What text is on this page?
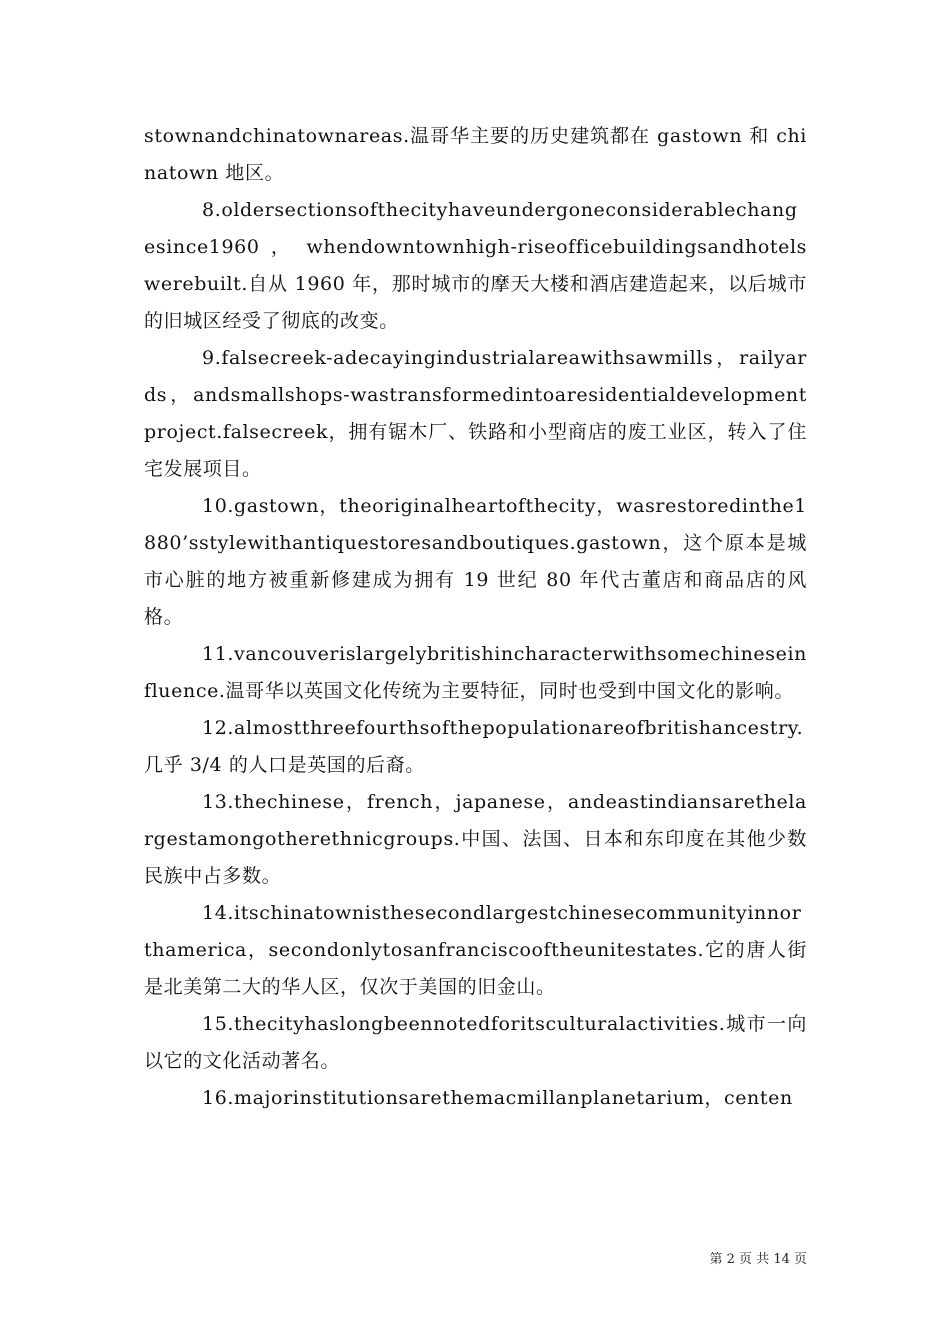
stownandchinatownareas.温哥华主要的历史建筑都在 gastown 和 chinatown 地区。

8.oldersectionsofthecityhaveundergoneconsiderablechangesince1960 ， whendowntownhigh-riseofficebuildingsandhotelswerebuilt.自从 1960 年，那时城市的摩天大楼和酒店建造起来，以后城市的旧城区经受了彻底的改变。

9.falsecreek-adecayingindustrialareawithsawmills，railyards，andsmallshops-wastransformedintoaresidentialdevelopmentproject.falsecreek，拥有锯木厂、铁路和小型商店的废工业区，转入了住宅发展项目。

10.gastown，theoriginalheartofthecity，wasrestoredinthe1880’sstylewithantiquestoresandboutiques.gastown，这个原本是城市心脏的地方被重新修建成为拥有 19 世纪 80 年代古董店和商品店的风格。

11.vancouverislargelybritishincharacterwithsomechineseinfluence.温哥华以英国文化传统为主要特征，同时也受到中国文化的影响。

12.almostthreefourthsofthepopulationareofbritishancestry.几乎 3/4 的人口是英国的后裔。

13.thechinese，french，japanese，andeastindiansarethelargestamongotherethnicgroups.中国、法国、日本和东印度在其他少数民族中占多数。

14.itschinatownisthesecondlargestchinesecommunityinnorthamerica，secondonlytosanfranciscooftheunitestates.它的唐人街是北美第二大的华人区，仅次于美国的旧金山。

15.thecityhaslongbeennotedforitsculturalactivities.城市一向以它的文化活动著名。

16.majorinstitutionsarethemacmillanplanetarium，centen

第 2 页 共 14 页
